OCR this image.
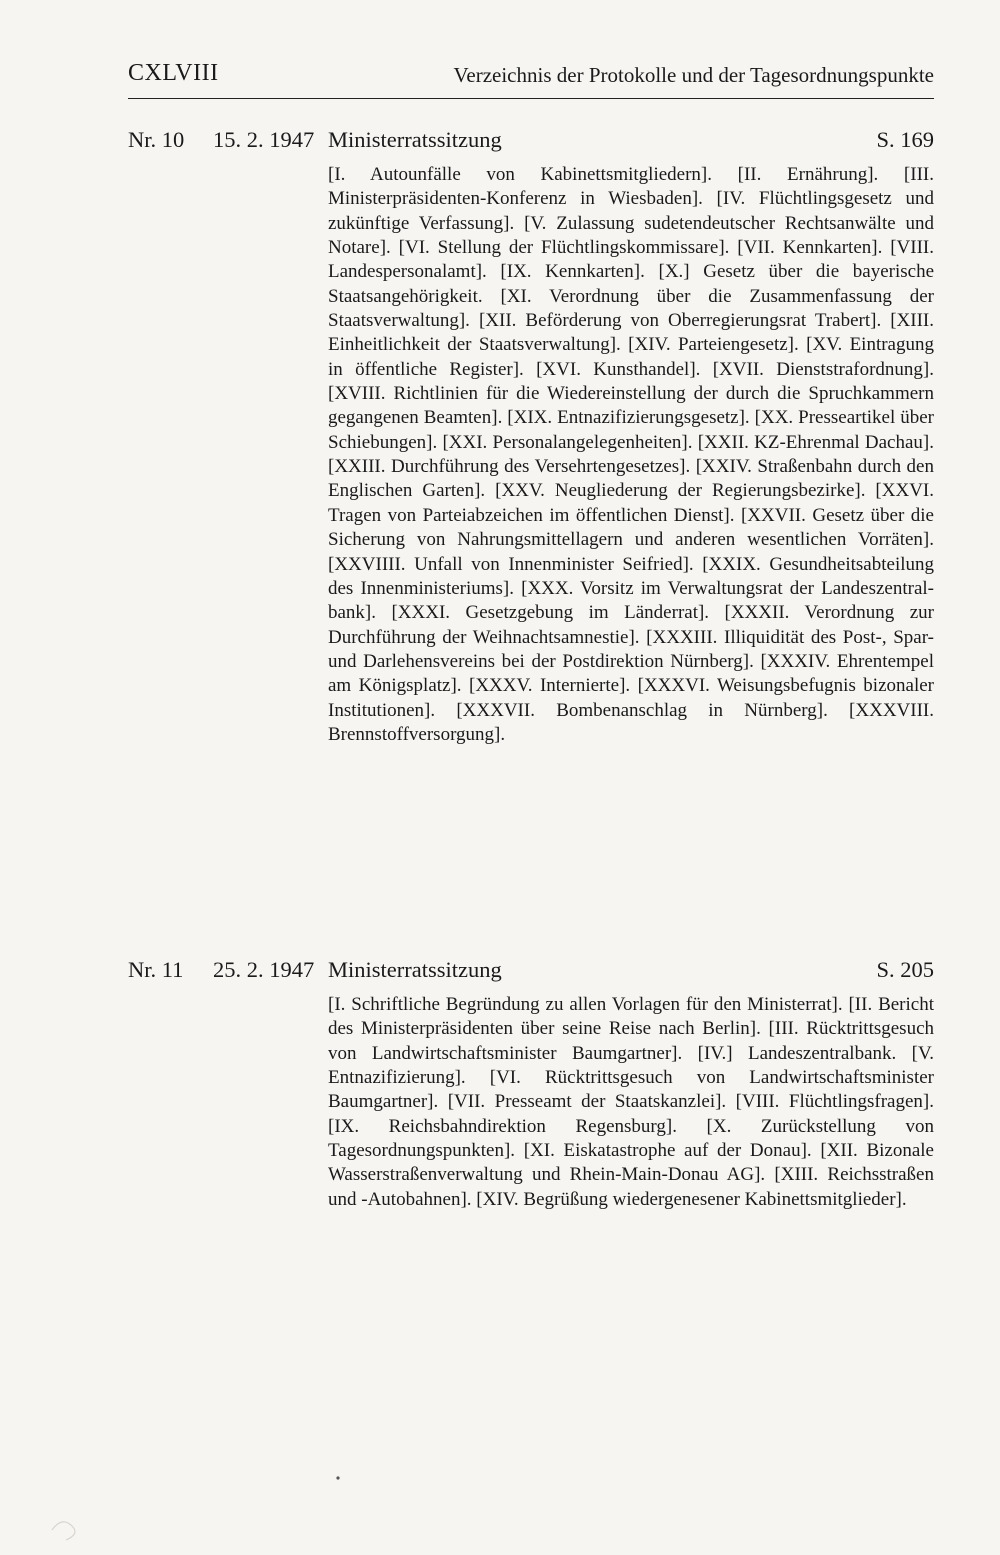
CXLVIII	Verzeichnis der Protokolle und der Tagesordnungspunkte
Nr. 10 15. 2. 1947 Ministerratssitzung	S. 169
[I. Autounfälle von Kabinettsmitgliedern]. [II. Ernährung]. [III. Ministerpräsidenten-Konferenz in Wiesbaden]. [IV. Flüchtlingsgesetz und zukünftige Verfassung]. [V. Zulassung sudetendeutscher Rechtsanwälte und Notare]. [VI. Stellung der Flüchtlingskommissare]. [VII. Kennkarten]. [VIII. Landespersonalamt]. [IX. Kennkarten]. [X.] Gesetz über die bayerische Staatsangehörigkeit. [XI. Verordnung über die Zusammenfassung der Staatsverwaltung]. [XII. Beförderung von Oberregierungsrat Trabert]. [XIII. Einheitlichkeit der Staatsverwaltung]. [XIV. Parteiengesetz]. [XV. Eintragung in öffentliche Register]. [XVI. Kunsthandel]. [XVII. Dienststrafordnung]. [XVIII. Richtlinien für die Wiedereinstellung der durch die Spruchkammern gegangenen Beamten]. [XIX. Entnazifizierungsgesetz]. [XX. Presseartikel über Schiebungen]. [XXI. Personalangelegenheiten]. [XXII. KZ-Ehrenmal Dachau]. [XXIII. Durchführung des Versehrtengesetzes]. [XXIV. Straßenbahn durch den Englischen Garten]. [XXV. Neugliederung der Regierungsbezirke]. [XXVI. Tragen von Parteiabzeichen im öffentlichen Dienst]. [XXVII. Gesetz über die Sicherung von Nahrungsmittellagern und anderen wesentlichen Vorräten]. [XXVIIII. Unfall von Innenminister Seifried]. [XXIX. Gesundheitsabteilung des Innenministeriums]. [XXX. Vorsitz im Verwaltungsrat der Landeszentralbank]. [XXXI. Gesetzgebung im Länderrat]. [XXXII. Verordnung zur Durchführung der Weihnachtsamnestie]. [XXXIII. Illiquidität des Post-, Spar- und Darlehensvereins bei der Postdirektion Nürnberg]. [XXXIV. Ehrentempel am Königsplatz]. [XXXV. Internierte]. [XXXVI. Weisungsbefugnis bizonaler Institutionen]. [XXXVII. Bombenanschlag in Nürnberg]. [XXXVIII. Brennstoffversorgung].
Nr. 11 25. 2. 1947 Ministerratssitzung	S. 205
[I. Schriftliche Begründung zu allen Vorlagen für den Ministerrat]. [II. Bericht des Ministerpräsidenten über seine Reise nach Berlin]. [III. Rücktrittsgesuch von Landwirtschaftsminister Baumgartner]. [IV.] Landeszentralbank. [V. Entnazifizierung]. [VI. Rücktrittsgesuch von Landwirtschaftsminister Baumgartner]. [VII. Presseamt der Staatskanzlei]. [VIII. Flüchtlingsfragen]. [IX. Reichsbahndirektion Regensburg]. [X. Zurückstellung von Tagesordnungspunkten]. [XI. Eiskatastrophe auf der Donau]. [XII. Bizonale Wasserstraßenverwaltung und Rhein-Main-Donau AG]. [XIII. Reichsstraßen und -Autobahnen]. [XIV. Begrüßung wiedergenesener Kabinettsmitglieder].
